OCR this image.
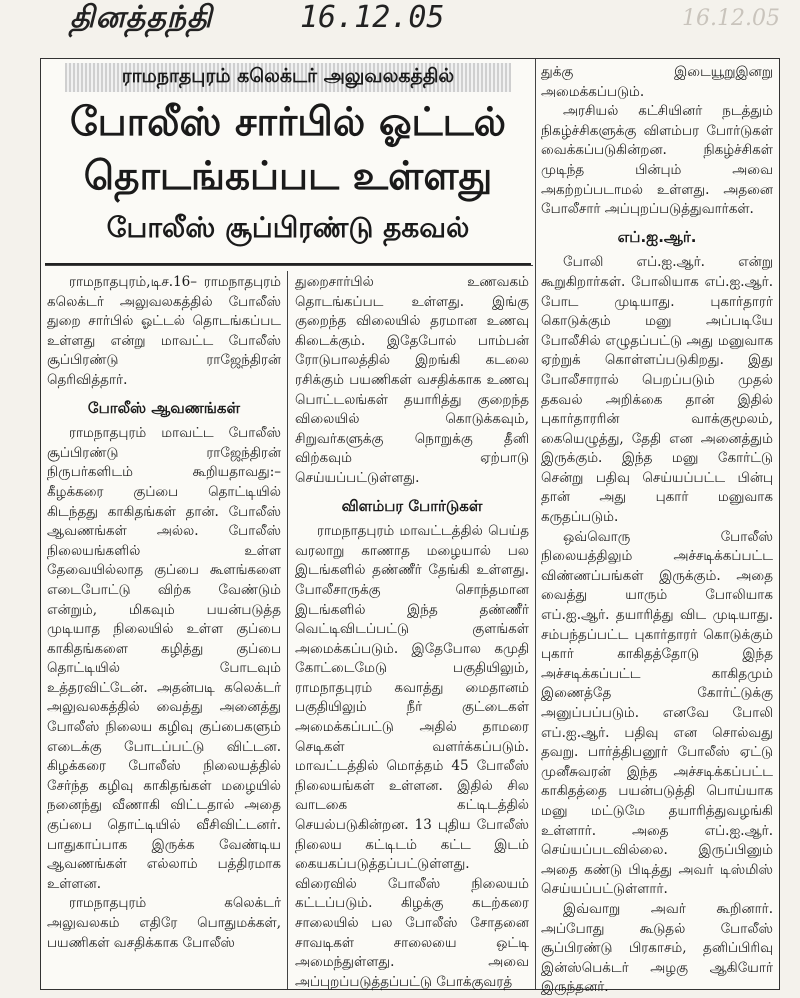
தினத்தந்தி	16.12.05	16.12.05
ராமநாதபுரம் கலெக்டர் அலுவலகத்தில்
போலீஸ் சார்பில் ஓட்டல்
தொடங்கப்பட உள்ளது
போலீஸ் சூப்பிரண்டு தகவல்

ராமநாதபுரம்,டிச.16– ராமநாதபுரம் கலெக்டர் அலுவலகத்தில் போலீஸ் துறை சார்பில் ஓட்டல் தொடங்கப்பட உள்ளது என்று மாவட்ட போலீஸ் சூப்பிரண்டு ராஜேந்திரன் தெரிவித்தார்.

போலீஸ் ஆவணங்கள்

ராமநாதபுரம் மாவட்ட போலீஸ் சூப்பிரண்டு ராஜேந்திரன் நிருபர்களிடம் கூறியதாவது:– கீழக்கரை குப்பை தொட்டியில் கிடந்தது காகிதங்கள் தான். போலீஸ் ஆவணங்கள் அல்ல. போலீஸ் நிலையங்களில் உள்ள தேவையில்லாத குப்பை கூளங்களை எடைபோட்டு விற்க வேண்டும் என்றும், மிகவும் பயன்படுத்த முடியாத நிலையில் உள்ள குப்பை காகிதங்களை கழித்து குப்பை தொட்டியில் போடவும் உத்தரவிட்டேன். அதன்படி கலெக்டர் அலுவலகத்தில் வைத்து அனைத்து போலீஸ் நிலைய கழிவு குப்பைகளும் எடைக்கு போடப்பட்டு விட்டன. கிழக்கரை போலீஸ் நிலையத்தில் சேர்ந்த கழிவு காகிதங்கள் மழையில் நனைந்து வீணாகி விட்டதால் அதை குப்பை தொட்டியில் வீசிவிட்டனர். பாதுகாப்பாக இருக்க வேண்டிய ஆவணங்கள் எல்லாம் பத்திரமாக உள்ளன.

ராமநாதபுரம் கலெக்டர் அலுவலகம் எதிரே பொதுமக்கள், பயணிகள் வசதிக்காக போலீஸ்

துறைசார்பில் உணவகம் தொடங்கப்பட உள்ளது. இங்கு குறைந்த விலையில் தரமான உணவு கிடைக்கும். இதேபோல் பாம்பன் ரோடுபாலத்தில் இறங்கி கடலை ரசிக்கும் பயணிகள் வசதிக்காக உணவு பொட்டலங்கள் தயாரித்து குறைந்த விலையில் கொடுக்கவும், சிறுவர்களுக்கு நொறுக்கு தீனி விற்கவும் ஏற்பாடு செய்யப்பட்டுள்ளது.

விளம்பர போர்டுகள்

ராமநாதபுரம் மாவட்டத்தில் பெய்த வரலாறு காணாத மழையால் பல இடங்களில் தண்ணீர் தேங்கி உள்ளது. போலீசாருக்கு சொந்தமான இடங்களில் இந்த தண்ணீர் வெட்டிவிடப்பட்டு குளங்கள் அமைக்கப்படும். இதேபோல கமுதி கோட்டைமேடு பகுதியிலும், ராமநாதபுரம் கவாத்து மைதானம் பகுதியிலும் நீர் குட்டைகள் அமைக்கப்பட்டு அதில் தாமரை செடிகள் வளர்க்கப்படும். மாவட்டத்தில் மொத்தம் 45 போலீஸ் நிலையங்கள் உள்ளன. இதில் சில வாடகை கட்டிடத்தில் செயல்படுகின்றன. 13 புதிய போலீஸ் நிலைய கட்டிடம் கட்ட இடம் கையகப்படுத்தப்பட்டுள்ளது. விரைவில் போலீஸ் நிலையம் கட்டப்படும். கிழக்கு கடற்கரை சாலையில் பல போலீஸ் சோதனை சாவடிகள் சாலையை ஒட்டி அமைந்துள்ளது. அவை அப்புறப்படுத்தப்பட்டு போக்குவரத்

துக்கு இடையூறுஇனறு அமைக்கப்படும்.

அரசியல் கட்சியினர் நடத்தும் நிகழ்ச்சிகளுக்கு விளம்பர போர்டுகள் வைக்கப்படுகின்றன. நிகழ்ச்சிகள் முடிந்த பின்பும் அவை அகற்றப்படாமல் உள்ளது. அதனை போலீசார் அப்புறப்படுத்துவார்கள்.

எப்.ஐ.ஆர்.

போலி எப்.ஐ.ஆர். என்று கூறுகிறார்கள். போலியாக எப்.ஐ.ஆர். போட முடியாது. புகார்தாரர் கொடுக்கும் மனு அப்படியே போலீசில் எழுதப்பட்டு அது மனுவாக ஏற்றுக் கொள்ளப்படுகிறது. இது போலீசாரால் பெறப்படும் முதல் தகவல் அறிக்கை தான் இதில் புகார்தாரரின் வாக்குமூலம், கையெழுத்து, தேதி என அனைத்தும் இருக்கும். இந்த மனு கோர்ட்டு சென்று பதிவு செய்யப்பட்ட பின்பு தான் அது புகார் மனுவாக கருதப்படும்.

ஒவ்வொரு போலீஸ் நிலையத்திலும் அச்சடிக்கப்பட்ட விண்ணப்பங்கள் இருக்கும். அதை வைத்து யாரும் போலியாக எப்.ஐ.ஆர். தயாரித்து விட முடியாது. சம்பந்தப்பட்ட புகார்தாரர் கொடுக்கும் புகார் காகிதத்தோடு இந்த அச்சடிக்கப்பட்ட காகிதமும் இணைத்தே கோர்ட்டுக்கு அனுப்பப்படும். எனவே போலி எப்.ஐ.ஆர். பதிவு என சொல்வது தவறு. பார்த்திபனூர் போலீஸ் ஏட்டு முனீசுவரன் இந்த அச்சடிக்கப்பட்ட காகிதத்தை பயன்படுத்தி பொய்யாக மனு மட்டுமே தயாரித்துவழங்கி உள்ளார். அதை எப்.ஐ.ஆர். செய்யப்படவில்லை. இருப்பினும் அதை கண்டு பிடித்து அவர் டிஸ்மிஸ் செய்யப்பட்டுள்ளார்.

இவ்வாறு அவர் கூறினார். அப்போது கூடுதல் போலீஸ் சூப்பிரண்டு பிரகாசம், தனிப்பிரிவு இன்ஸ்பெக்டர் அழகு ஆகியோர் இருந்தனர்.
